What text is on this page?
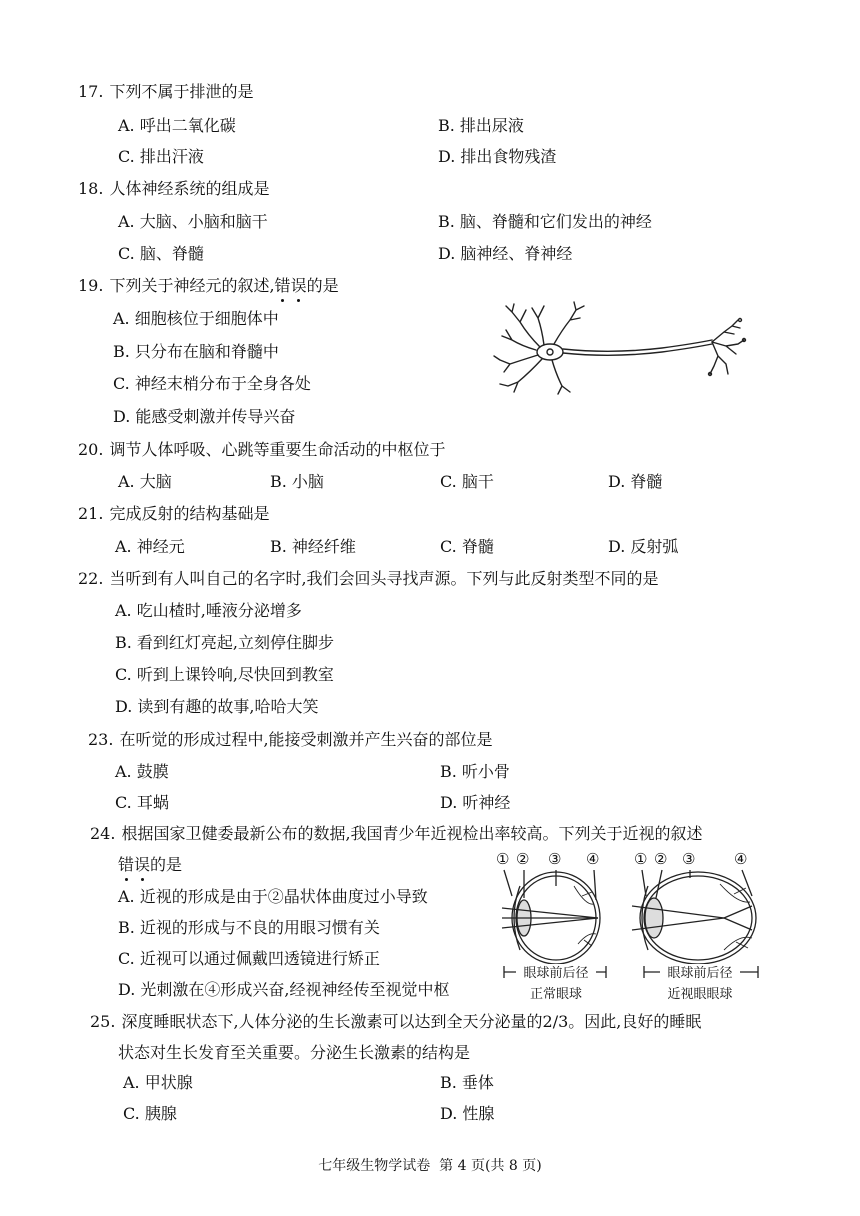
17. 下列不属于排泄的是
A. 呼出二氧化碳	B. 排出尿液
C. 排出汗液	D. 排出食物残渣
18. 人体神经系统的组成是
A. 大脑、小脑和脑干	B. 脑、脊髓和它们发出的神经
C. 脑、脊髓	D. 脑神经、脊神经
19. 下列关于神经元的叙述,错误的是
A. 细胞核位于细胞体中
B. 只分布在脑和脊髓中
C. 神经末梢分布于全身各处
D. 能感受刺激并传导兴奋
20. 调节人体呼吸、心跳等重要生命活动的中枢位于
A. 大脑	B. 小脑	C. 脑干	D. 脊髓
21. 完成反射的结构基础是
A. 神经元	B. 神经纤维	C. 脊髓	D. 反射弧
22. 当听到有人叫自己的名字时,我们会回头寻找声源。下列与此反射类型不同的是
A. 吃山楂时,唾液分泌增多
B. 看到红灯亮起,立刻停住脚步
C. 听到上课铃响,尽快回到教室
D. 读到有趣的故事,哈哈大笑
23. 在听觉的形成过程中,能接受刺激并产生兴奋的部位是
A. 鼓膜	B. 听小骨
C. 耳蜗	D. 听神经
24. 根据国家卫健委最新公布的数据,我国青少年近视检出率较高。下列关于近视的叙述
错误的是
A. 近视的形成是由于②晶状体曲度过小导致
B. 近视的形成与不良的用眼习惯有关
C. 近视可以通过佩戴凹透镜进行矫正
D. 光刺激在④形成兴奋,经视神经传至视觉中枢
① ② ③ ④ ① ② ③	④
眼球前后径	眼球前后径
正常眼球	近视眼眼球
25. 深度睡眠状态下,人体分泌的生长激素可以达到全天分泌量的2/3。因此,良好的睡眠
状态对生长发育至关重要。分泌生长激素的结构是
A. 甲状腺	B. 垂体
C. 胰腺	D. 性腺
七年级生物学试卷 第 4 页(共 8 页)
